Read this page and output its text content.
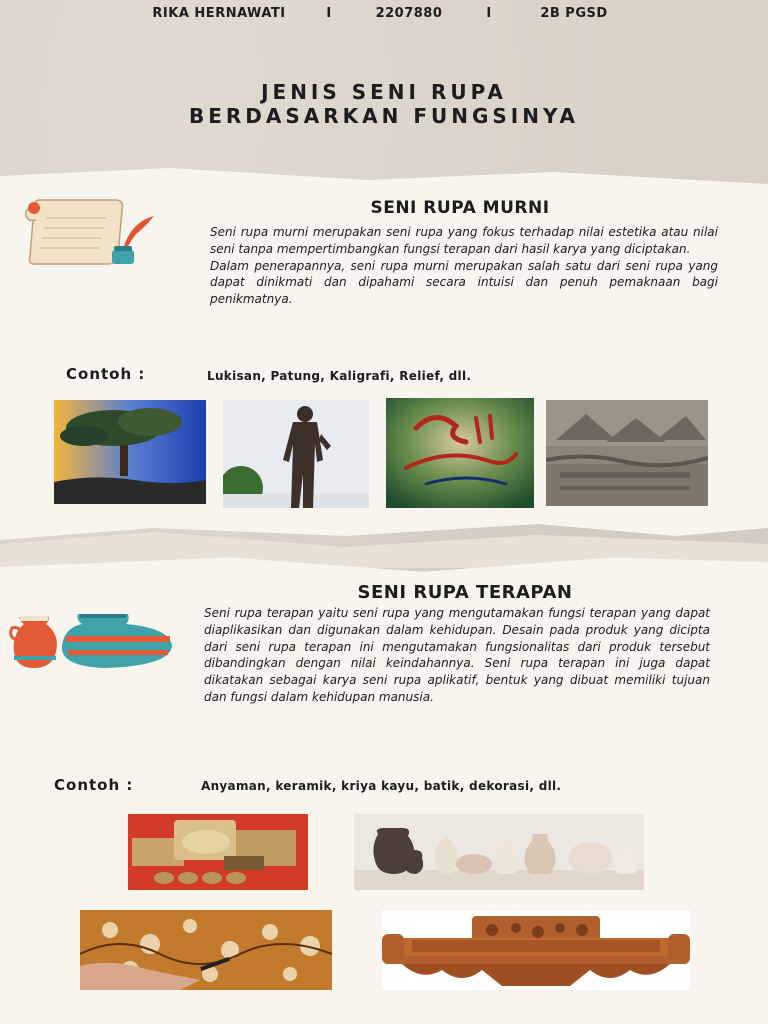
RIKA HERNAWATI	I	2207880	I	2B PGSD
JENIS SENI RUPA
BERDASARKAN FUNGSINYA
SENI RUPA MURNI

Seni rupa murni merupakan seni rupa yang fokus terhadap nilai estetika atau nilai seni tanpa mempertimbangkan fungsi terapan dari hasil karya yang diciptakan.

Dalam penerapannya, seni rupa murni merupakan salah satu dari seni rupa yang dapat dinikmati dan dipahami secara intuisi dan penuh pemaknaan bagi penikmatnya.

Contoh :	Lukisan, Patung, Kaligrafi, Relief, dll.
SENI RUPA TERAPAN

Seni rupa terapan yaitu seni rupa yang mengutamakan fungsi terapan yang dapat diaplikasikan dan digunakan dalam kehidupan. Desain pada produk yang dicipta dari seni rupa terapan ini mengutamakan fungsionalitas dari produk tersebut dibandingkan dengan nilai keindahannya. Seni rupa terapan ini juga dapat dikatakan sebagai karya seni rupa aplikatif, bentuk yang dibuat memiliki tujuan dan fungsi dalam kehidupan manusia.

Contoh :	Anyaman, keramik, kriya kayu, batik, dekorasi, dll.
